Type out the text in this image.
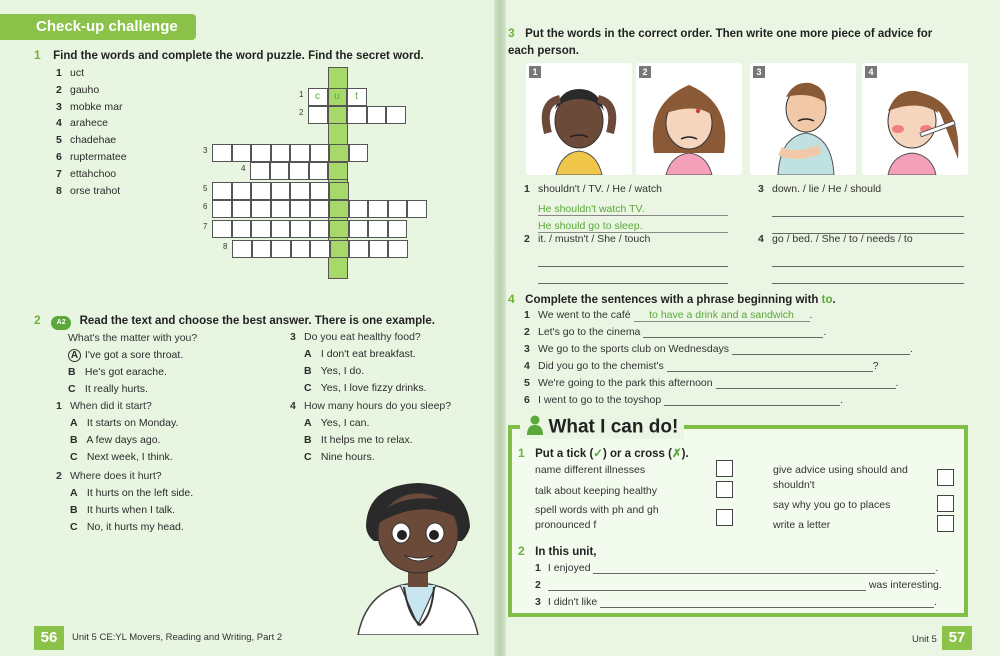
Check-up challenge
1 Find the words and complete the word puzzle. Find the secret word.
1 uct
2 gauho
3 mobke mar
4 arahece
5 chadehae
6 ruptermatee
7 ettahchoo
8 orse trahot
1
2
3
4
5
6
7
8
c	u	t
2 A2 Read the text and choose the best answer. There is one example.
What's the matter with you?
A I've got a sore throat.
B He's got earache.
C It really hurts.
1 When did it start?
A It starts on Monday.
B A few days ago.
C Next week, I think.
2 Where does it hurt?
A It hurts on the left side.
B It hurts when I talk.
C No, it hurts my head.
3 Do you eat healthy food?
A I don't eat breakfast.
B Yes, I do.
C Yes, I love fizzy drinks.
4 How many hours do you sleep?
A Yes, I can.
B It helps me to relax.
C Nine hours.
56	Unit 5 CE:YL Movers, Reading and Writing, Part 2
3 Put the words in the correct order. Then write one more piece of advice for each person.
1	2	3	4
1 shouldn't / TV. / He / watch
He shouldn't watch TV.
He should go to sleep.
2 it. / mustn't / She / touch
3 down. / lie / He / should
4 go / bed. / She / to / needs / to
4 Complete the sentences with a phrase beginning with to.
1 We went to the café to have a drink and a sandwich .
2 Let's go to the cinema	.
3 We go to the sports club on Wednesdays	.
4 Did you go to the chemist's	?
5 We're going to the park this afternoon	.
6 I went to go to the toyshop	.
What I can do!
1 Put a tick (✓) or a cross (✗).
name different illnesses
talk about keeping healthy
spell words with ph and gh pronounced f
give advice using should and shouldn't
say why you go to places
write a letter
2 In this unit,
1 I enjoyed	.
2	was interesting.
3 I didn't like	.
Unit 5 57
